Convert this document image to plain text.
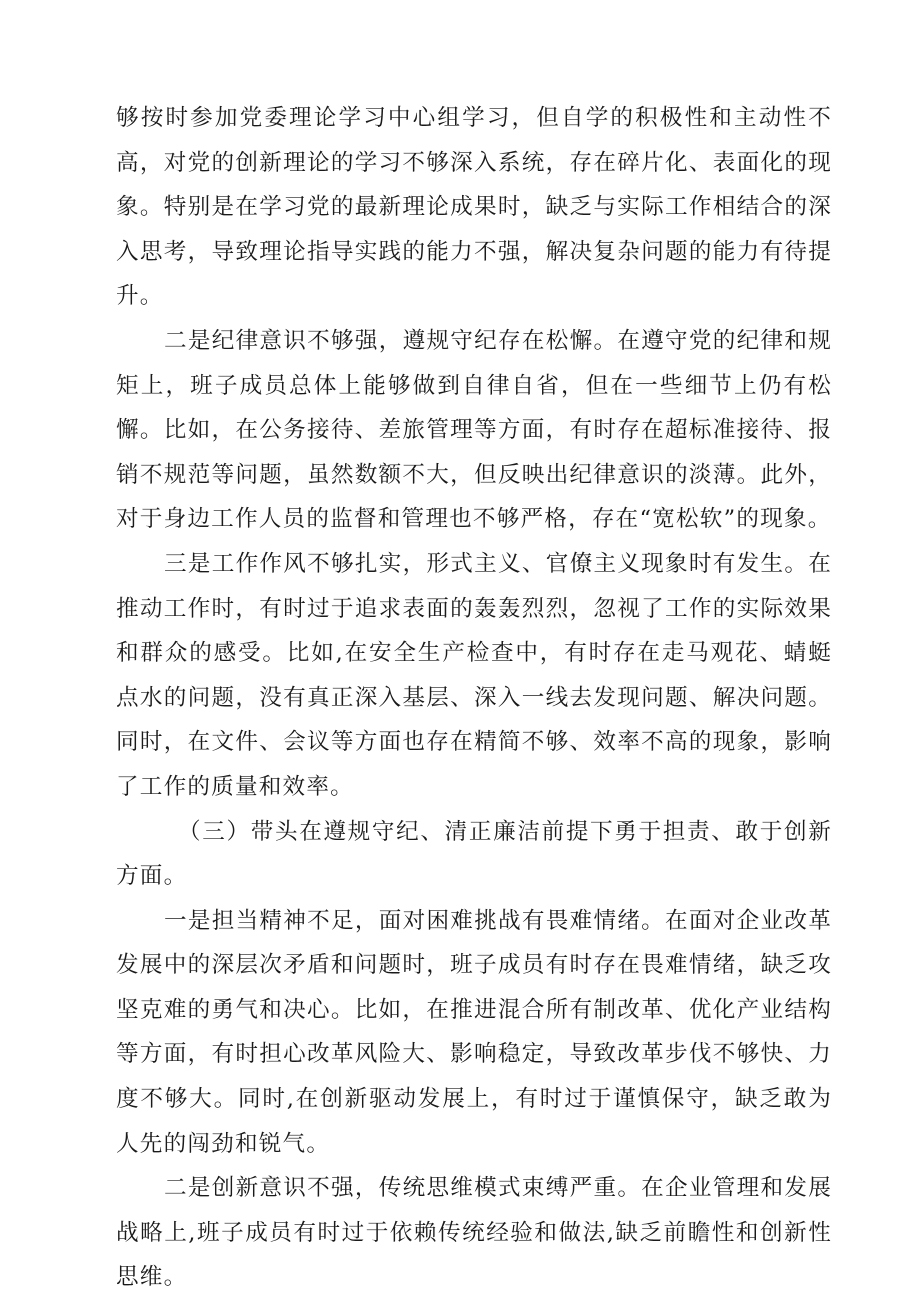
够按时参加党委理论学习中心组学习，但自学的积极性和主动性不高，对党的创新理论的学习不够深入系统，存在碎片化、表面化的现象。特别是在学习党的最新理论成果时，缺乏与实际工作相结合的深入思考，导致理论指导实践的能力不强，解决复杂问题的能力有待提升。

二是纪律意识不够强，遵规守纪存在松懈。在遵守党的纪律和规矩上，班子成员总体上能够做到自律自省，但在一些细节上仍有松懈。比如，在公务接待、差旅管理等方面，有时存在超标准接待、报销不规范等问题，虽然数额不大，但反映出纪律意识的淡薄。此外，对于身边工作人员的监督和管理也不够严格，存在“宽松软”的现象。

三是工作作风不够扎实，形式主义、官僚主义现象时有发生。在推动工作时，有时过于追求表面的轰轰烈烈，忽视了工作的实际效果和群众的感受。比如,在安全生产检查中，有时存在走马观花、蜻蜓点水的问题，没有真正深入基层、深入一线去发现问题、解决问题。同时，在文件、会议等方面也存在精简不够、效率不高的现象，影响了工作的质量和效率。

（三）带头在遵规守纪、清正廉洁前提下勇于担责、敢于创新方面。

一是担当精神不足，面对困难挑战有畏难情绪。在面对企业改革发展中的深层次矛盾和问题时，班子成员有时存在畏难情绪，缺乏攻坚克难的勇气和决心。比如，在推进混合所有制改革、优化产业结构等方面，有时担心改革风险大、影响稳定，导致改革步伐不够快、力度不够大。同时,在创新驱动发展上，有时过于谨慎保守，缺乏敢为人先的闯劲和锐气。

二是创新意识不强，传统思维模式束缚严重。在企业管理和发展战略上,班子成员有时过于依赖传统经验和做法,缺乏前瞻性和创新性思维。
